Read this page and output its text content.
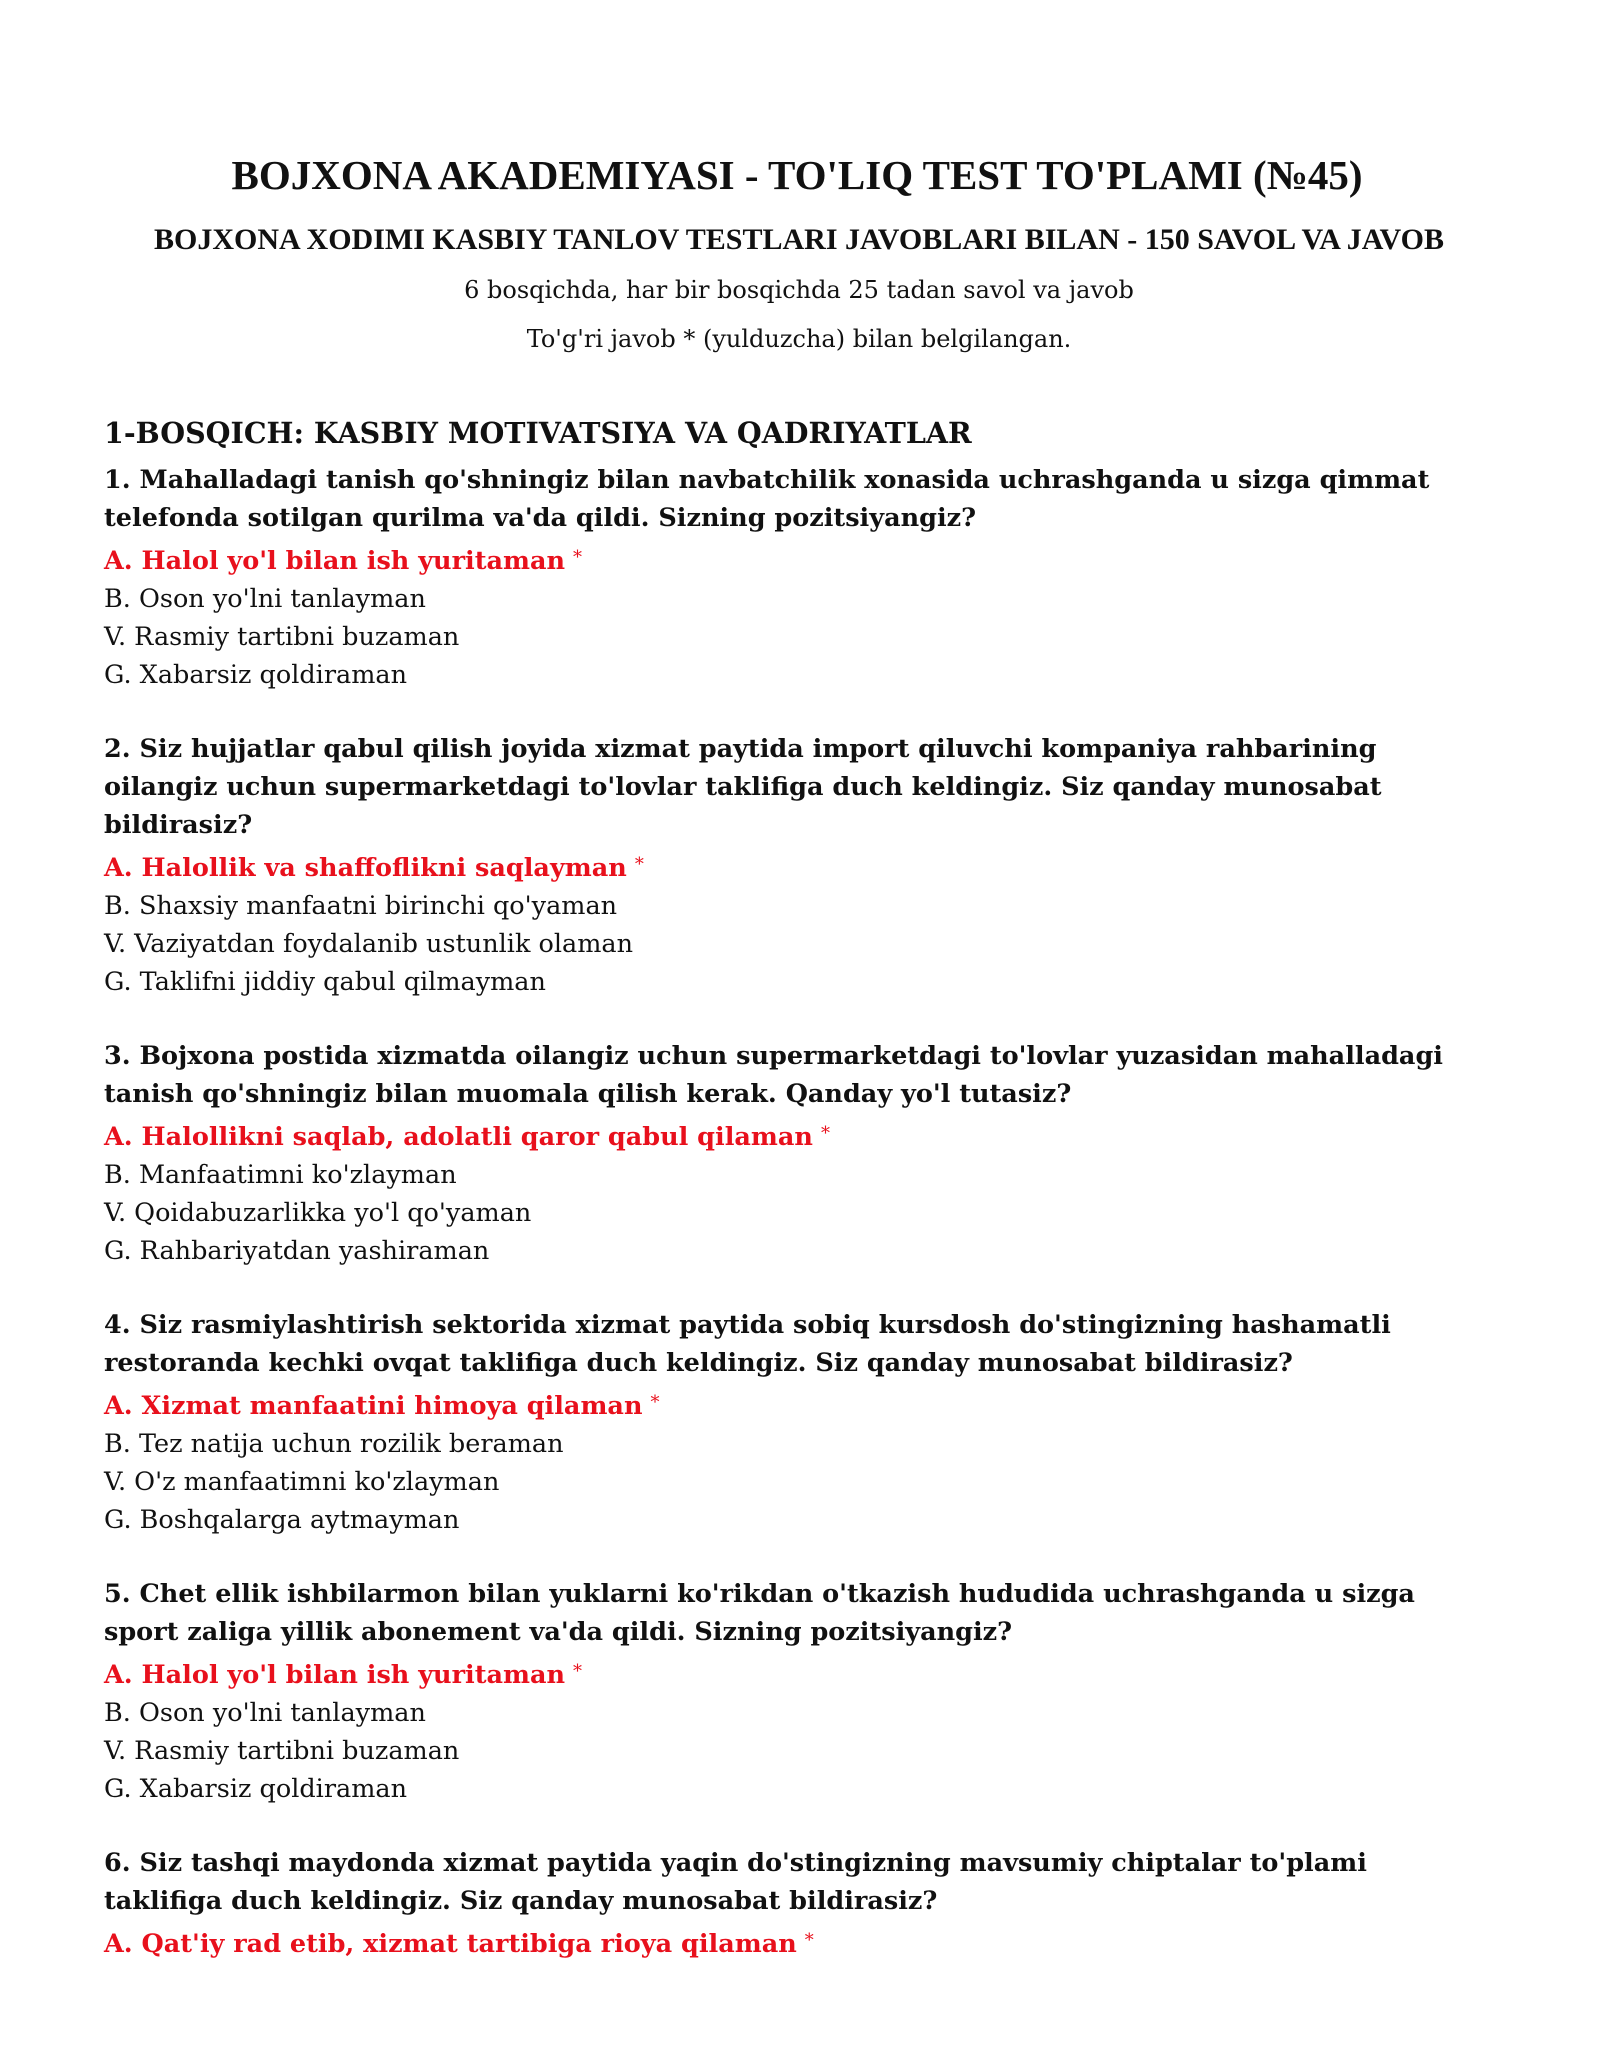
BOJXONA AKADEMIYASI - TO'LIQ TEST TO'PLAMI (№45)
BOJXONA XODIMI KASBIY TANLOV TESTLARI JAVOBLARI BILAN - 150 SAVOL VA JAVOB

6 bosqichda, har bir bosqichda 25 tadan savol va javob

To'g'ri javob * (yulduzcha) bilan belgilangan.

1-BOSQICH: KASBIY MOTIVATSIYA VA QADRIYATLAR

1. Mahalladagi tanish qo'shningiz bilan navbatchilik xonasida uchrashganda u sizga qimmat telefonda sotilgan qurilma va'da qildi. Sizning pozitsiyangiz?

A. Halol yo'l bilan ish yuritaman *

B. Oson yo'lni tanlayman

V. Rasmiy tartibni buzaman

G. Xabarsiz qoldiraman

2. Siz hujjatlar qabul qilish joyida xizmat paytida import qiluvchi kompaniya rahbarining oilangiz uchun supermarketdagi to'lovlar taklifiga duch keldingiz. Siz qanday munosabat bildirasiz?

A. Halollik va shaffoflikni saqlayman *

B. Shaxsiy manfaatni birinchi qo'yaman

V. Vaziyatdan foydalanib ustunlik olaman

G. Taklifni jiddiy qabul qilmayman

3. Bojxona postida xizmatda oilangiz uchun supermarketdagi to'lovlar yuzasidan mahalladagi tanish qo'shningiz bilan muomala qilish kerak. Qanday yo'l tutasiz?

A. Halollikni saqlab, adolatli qaror qabul qilaman *

B. Manfaatimni ko'zlayman

V. Qoidabuzarlikka yo'l qo'yaman

G. Rahbariyatdan yashiraman

4. Siz rasmiylashtirish sektorida xizmat paytida sobiq kursdosh do'stingizning hashamatli restoranda kechki ovqat taklifiga duch keldingiz. Siz qanday munosabat bildirasiz?

A. Xizmat manfaatini himoya qilaman *

B. Tez natija uchun rozilik beraman

V. O'z manfaatimni ko'zlayman

G. Boshqalarga aytmayman

5. Chet ellik ishbilarmon bilan yuklarni ko'rikdan o'tkazish hududida uchrashganda u sizga sport zaliga yillik abonement va'da qildi. Sizning pozitsiyangiz?

A. Halol yo'l bilan ish yuritaman *

B. Oson yo'lni tanlayman

V. Rasmiy tartibni buzaman

G. Xabarsiz qoldiraman

6. Siz tashqi maydonda xizmat paytida yaqin do'stingizning mavsumiy chiptalar to'plami taklifiga duch keldingiz. Siz qanday munosabat bildirasiz?

A. Qat'iy rad etib, xizmat tartibiga rioya qilaman *
